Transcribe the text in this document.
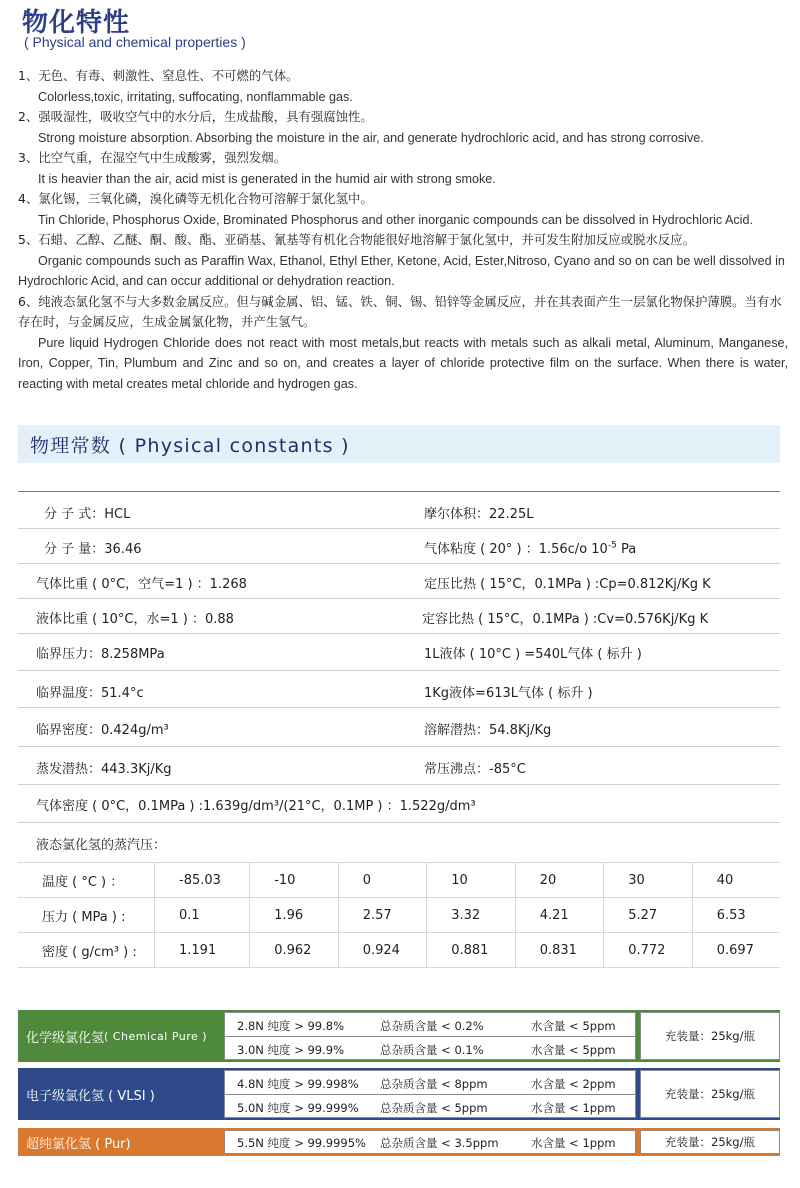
物化特性
( Physical and chemical properties )

1、无色、有毒、刺激性、窒息性、不可燃的气体。

Colorless,toxic, irritating, suffocating, nonflammable gas.

2、强吸湿性，吸收空气中的水分后，生成盐酸，具有强腐蚀性。

Strong moisture absorption. Absorbing the moisture in the air, and generate hydrochloric acid, and has strong corrosive.

3、比空气重，在湿空气中生成酸雾，强烈发烟。

It is heavier than the air, acid mist is generated in the humid air with strong smoke.

4、氯化锡，三氧化磷，溴化磷等无机化合物可溶解于氯化氢中。

Tin Chloride, Phosphorus Oxide, Brominated Phosphorus and other inorganic compounds can be dissolved in Hydrochloric Acid.

5、石蜡、乙醇、乙醚、酮、酸、酯、亚硝基、氰基等有机化合物能很好地溶解于氯化氢中，并可发生附加反应或脱水反应。

Organic compounds such as Paraffin Wax, Ethanol, Ethyl Ether, Ketone, Acid, Ester,Nitroso, Cyano and so on can be well dissolved in Hydrochloric Acid, and can occur additional or dehydration reaction.

6、纯液态氯化氢不与大多数金属反应。但与碱金属、铝、锰、铁、铜、锡、铅锌等金属反应，并在其表面产生一层氯化物保护薄膜。当有水存在时，与金属反应，生成金属氯化物，并产生氢气。

Pure liquid Hydrogen Chloride does not react with most metals,but reacts with metals such as alkali metal, Aluminum, Manganese, Iron, Copper, Tin, Plumbum and Zinc and so on, and creates a layer of chloride protective film on the surface. When there is water, reacting with metal creates metal chloride and hydrogen gas.

物理常数 ( Physical constants )
分 子 式：HCL	摩尔体积：22.25L
分 子 量：36.46	气体粘度 ( 20° ) ：1.56c/o $10^{-5}$ Pa
气体比重 ( 0°C，空气=1 ) ：1.268	定压比热 ( 15°C，0.1MPa ) :Cp=0.812Kj/Kg K
液体比重 ( 10°C，水=1 ) ：0.88	定容比热 ( 15°C，0.1MPa ) :Cv=0.576Kj/Kg K
临界压力：8.258MPa	1L液体 ( 10°C ) =540L气体 ( 标升 )
临界温度：51.4°c	1Kg液体=613L气体 ( 标升 )
临界密度：0.424g/m³	溶解潜热：54.8Kj/Kg
蒸发潜热：443.3Kj/Kg	常压沸点：-85°C
气体密度 ( 0°C，0.1MPa ) :1.639g/dm³/(21°C，0.1MP ) ：1.522g/dm³
液态氯化氢的蒸汽压：
温度 ( °C ) ：	-85.03	-10	0	10	20	30	40
压力 ( MPa ) :	0.1	1.96	2.57	3.32	4.21	5.27	6.53
密度 ( g/cm³ ) :	1.191	0.962	0.924	0.881	0.831	0.772	0.697
化学级氯化氢 ( Chemical Pure )
2.8N 纯度 > 99.8%	总杂质含量 < 0.2%	水含量 < 5ppm
3.0N 纯度 > 99.9%	总杂质含量 < 0.1%	水含量 < 5ppm
充装量：25kg/瓶
电子级氯化氢 ( VLSI )
4.8N 纯度 > 99.998% 总杂质含量 < 8ppm	水含量 < 2ppm
5.0N 纯度 > 99.999% 总杂质含量 < 5ppm	水含量 < 1ppm
充装量：25kg/瓶
超纯氯化氢 ( Pur)	5.5N 纯度 > 99.9995% 总杂质含量 < 3.5ppm	水含量 < 1ppm	充装量：25kg/瓶
